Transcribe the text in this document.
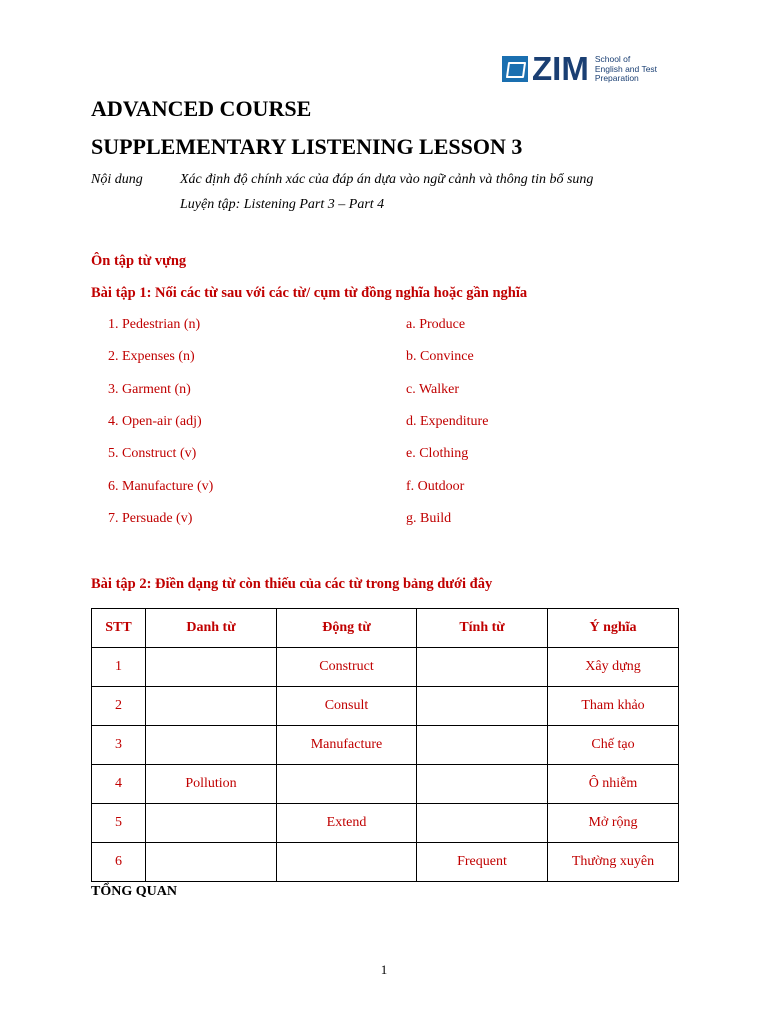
ZIM School of
English and Test
Preparation
ADVANCED COURSE
SUPPLEMENTARY LISTENING LESSON 3
Nội dung	Xác định độ chính xác của đáp án dựa vào ngữ cảnh và thông tin bổ sung
Luyện tập: Listening Part 3 – Part 4
Ôn tập từ vựng
Bài tập 1: Nối các từ sau với các từ/ cụm từ đồng nghĩa hoặc gần nghĩa
1. Pedestrian (n)
2. Expenses (n)
3. Garment (n)
4. Open-air (adj)
5. Construct (v)
6. Manufacture (v)
7. Persuade (v)
a. Produce
b. Convince
c. Walker
d. Expenditure
e. Clothing
f. Outdoor
g. Build
Bài tập 2: Điền dạng từ còn thiếu của các từ trong bảng dưới đây
STT	Danh từ	Động từ	Tính từ	Ý nghĩa
1		Construct		Xây dựng
2		Consult		Tham khảo
3		Manufacture		Chế tạo
4	Pollution			Ô nhiễm
5		Extend		Mở rộng
6			Frequent	Thường xuyên
TỔNG QUAN
1
